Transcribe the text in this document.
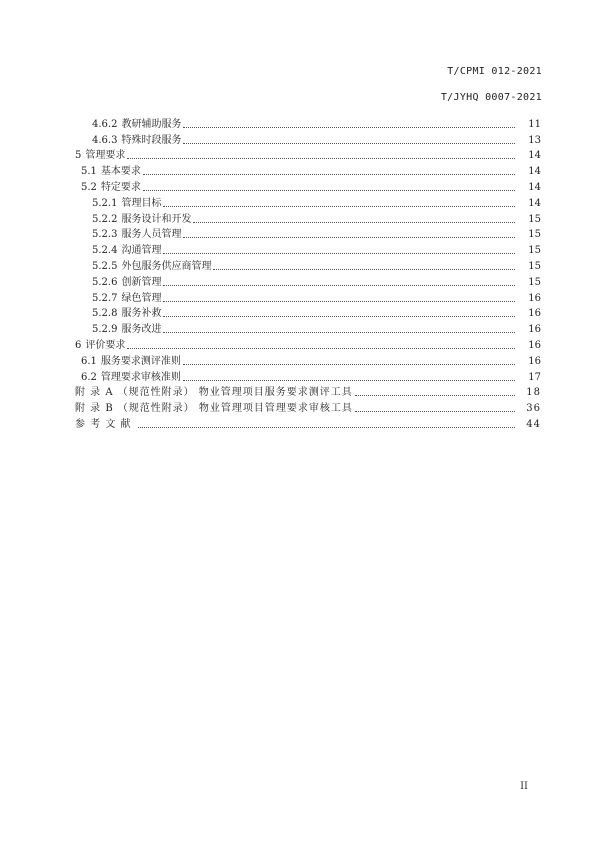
T/CPMI 012-2021
T/JYHQ 0007-2021
4.6.2 教研辅助服务	11
4.6.3 特殊时段服务	13
5 管理要求	14
5.1 基本要求	14
5.2 特定要求	14
5.2.1 管理目标	14
5.2.2 服务设计和开发	15
5.2.3 服务人员管理	15
5.2.4 沟通管理	15
5.2.5 外包服务供应商管理	15
5.2.6 创新管理	15
5.2.7 绿色管理	16
5.2.8 服务补救	16
5.2.9 服务改进	16
6 评价要求	16
6.1 服务要求测评准则	16
6.2 管理要求审核准则	17
附 录 A （规范性附录） 物业管理项目服务要求测评工具	18
附 录 B （规范性附录） 物业管理项目管理要求审核工具	36
参 考 文 献	44
II
